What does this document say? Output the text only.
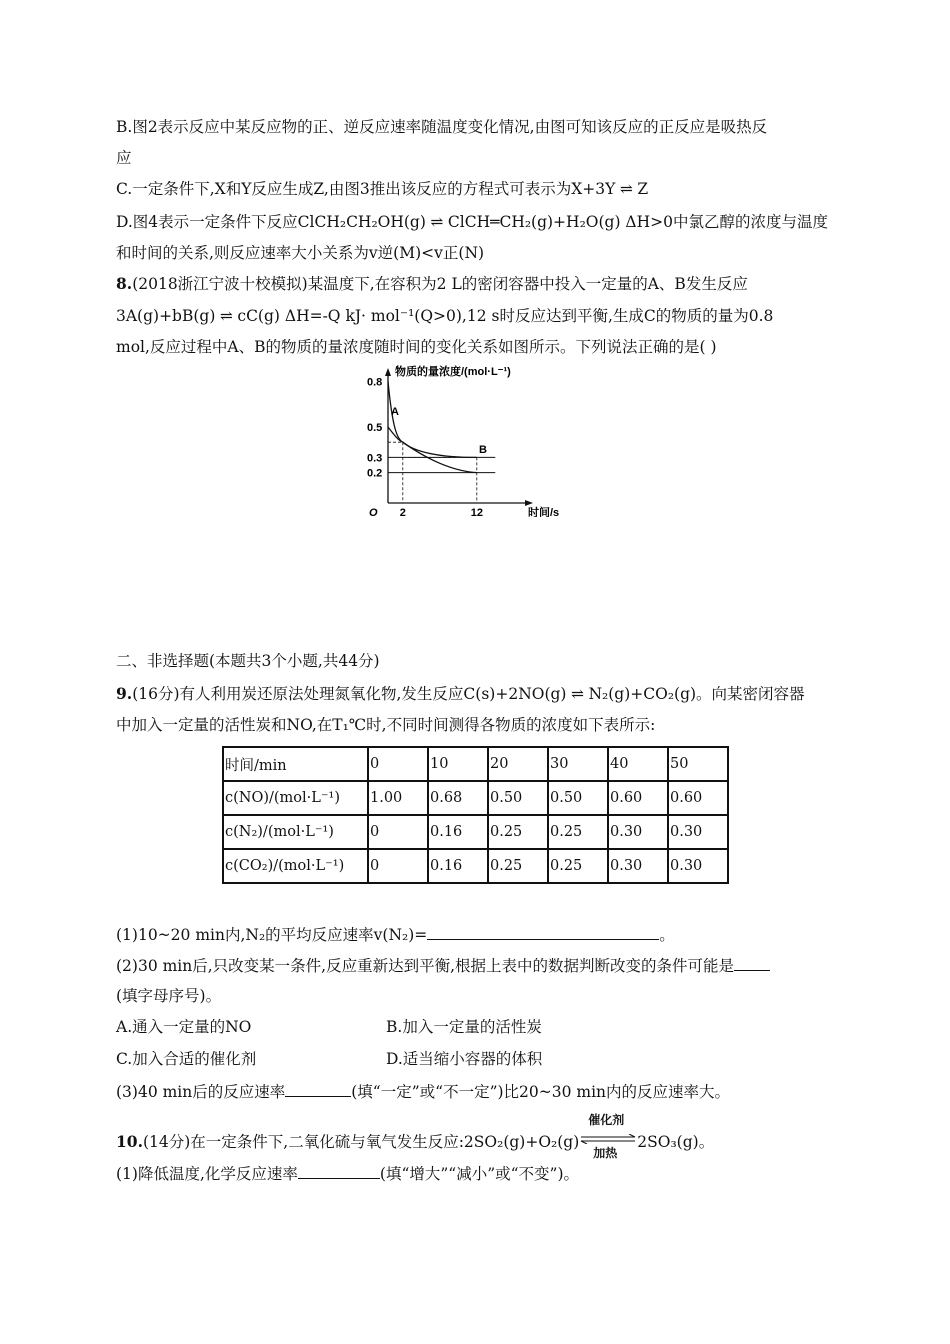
B.图2表示反应中某反应物的正、逆反应速率随温度变化情况,由图可知该反应的正反应是吸热反
应
C.一定条件下,X和Y反应生成Z,由图3推出该反应的方程式可表示为X+3Y ⇌ Z
D.图4表示一定条件下反应ClCH₂CH₂OH(g) ⇌ ClCH═CH₂(g)+H₂O(g) ΔH>0中氯乙醇的浓度与温度
和时间的关系,则反应速率大小关系为v逆(M)<v正(N)
8.(2018浙江宁波十校模拟)某温度下,在容积为2 L的密闭容器中投入一定量的A、B发生反应
3A(g)+bB(g) ⇌ cC(g) ΔH=-Q kJ· mol⁻¹(Q>0),12 s时反应达到平衡,生成C的物质的量为0.8
mol,反应过程中A、B的物质的量浓度随时间的变化关系如图所示。下列说法正确的是( )
A
B
0.8
0.5
0.3
0.2
2	12
O
物质的量浓度/(mol·L⁻¹)
时间/s
二、非选择题(本题共3个小题,共44分)
9.(16分)有人利用炭还原法处理氮氧化物,发生反应C(s)+2NO(g) ⇌ N₂(g)+CO₂(g)。向某密闭容器
中加入一定量的活性炭和NO,在T₁℃时,不同时间测得各物质的浓度如下表所示:
时间/min	0	10	20	30	40	50
c(NO)/(mol·L⁻¹)	1.00	0.68	0.50	0.50	0.60	0.60
c(N₂)/(mol·L⁻¹)	0	0.16	0.25	0.25	0.30	0.30
c(CO₂)/(mol·L⁻¹)	0	0.16	0.25	0.25	0.30	0.30
(1)10~20 min内,N₂的平均反应速率v(N₂)=	。
(2)30 min后,只改变某一条件,反应重新达到平衡,根据上表中的数据判断改变的条件可能是
(填字母序号)。
A.通入一定量的NO	B.加入一定量的活性炭
C.加入合适的催化剂	D.适当缩小容器的体积
(3)40 min后的反应速率	(填“一定”或“不一定”)比20~30 min内的反应速率大。
10.(14分)在一定条件下,二氧化硫与氧气发生反应:2SO₂(g)+O₂(g)
催化剂
加热
2SO₃(g)。
(1)降低温度,化学反应速率	(填“增大”“减小”或“不变”)。
